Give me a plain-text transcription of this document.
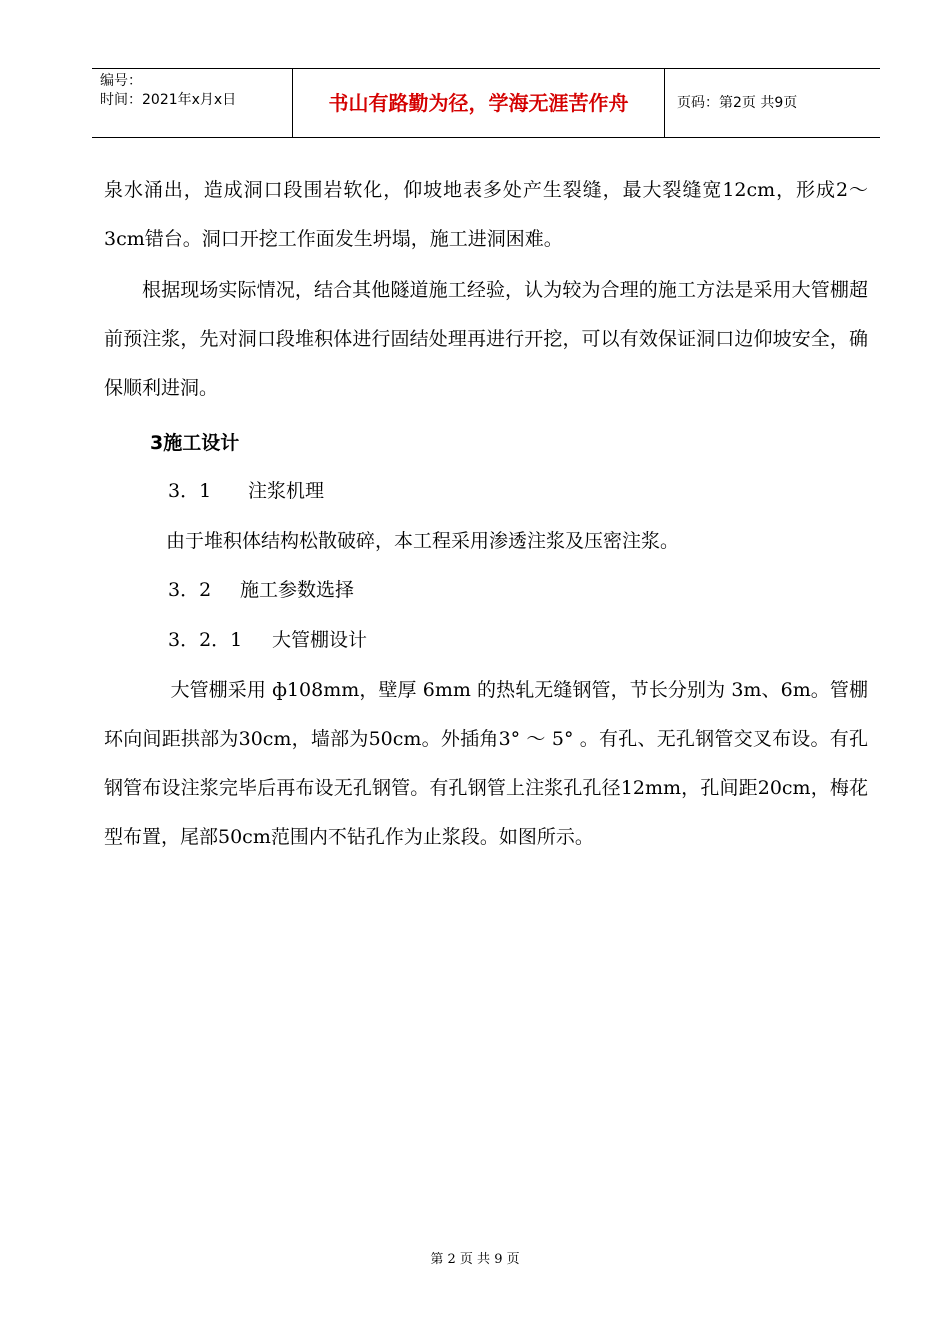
编号：
时间：2021年x月x日	书山有路勤为径，学海无涯苦作舟	页码：第2页 共9页

泉水涌出，造成洞口段围岩软化，仰坡地表多处产生裂缝，最大裂缝宽12cm，形成2～3cm错台。洞口开挖工作面发生坍塌，施工进洞困难。

根据现场实际情况，结合其他隧道施工经验，认为较为合理的施工方法是采用大管棚超前预注浆，先对洞口段堆积体进行固结处理再进行开挖，可以有效保证洞口边仰坡安全，确保顺利进洞。

3施工设计

3．1 注浆机理

由于堆积体结构松散破碎，本工程采用渗透注浆及压密注浆。

3．2 施工参数选择

3．2．1 大管棚设计

大管棚采用 ф108mm，壁厚 6mm 的热轧无缝钢管，节长分别为 3m、6m。管棚环向间距拱部为30cm，墙部为50cm。外插角3° ～ 5° 。有孔、无孔钢管交叉布设。有孔钢管布设注浆完毕后再布设无孔钢管。有孔钢管上注浆孔孔径12mm，孔间距20cm，梅花型布置，尾部50cm范围内不钻孔作为止浆段。如图所示。

第 2 页 共 9 页
